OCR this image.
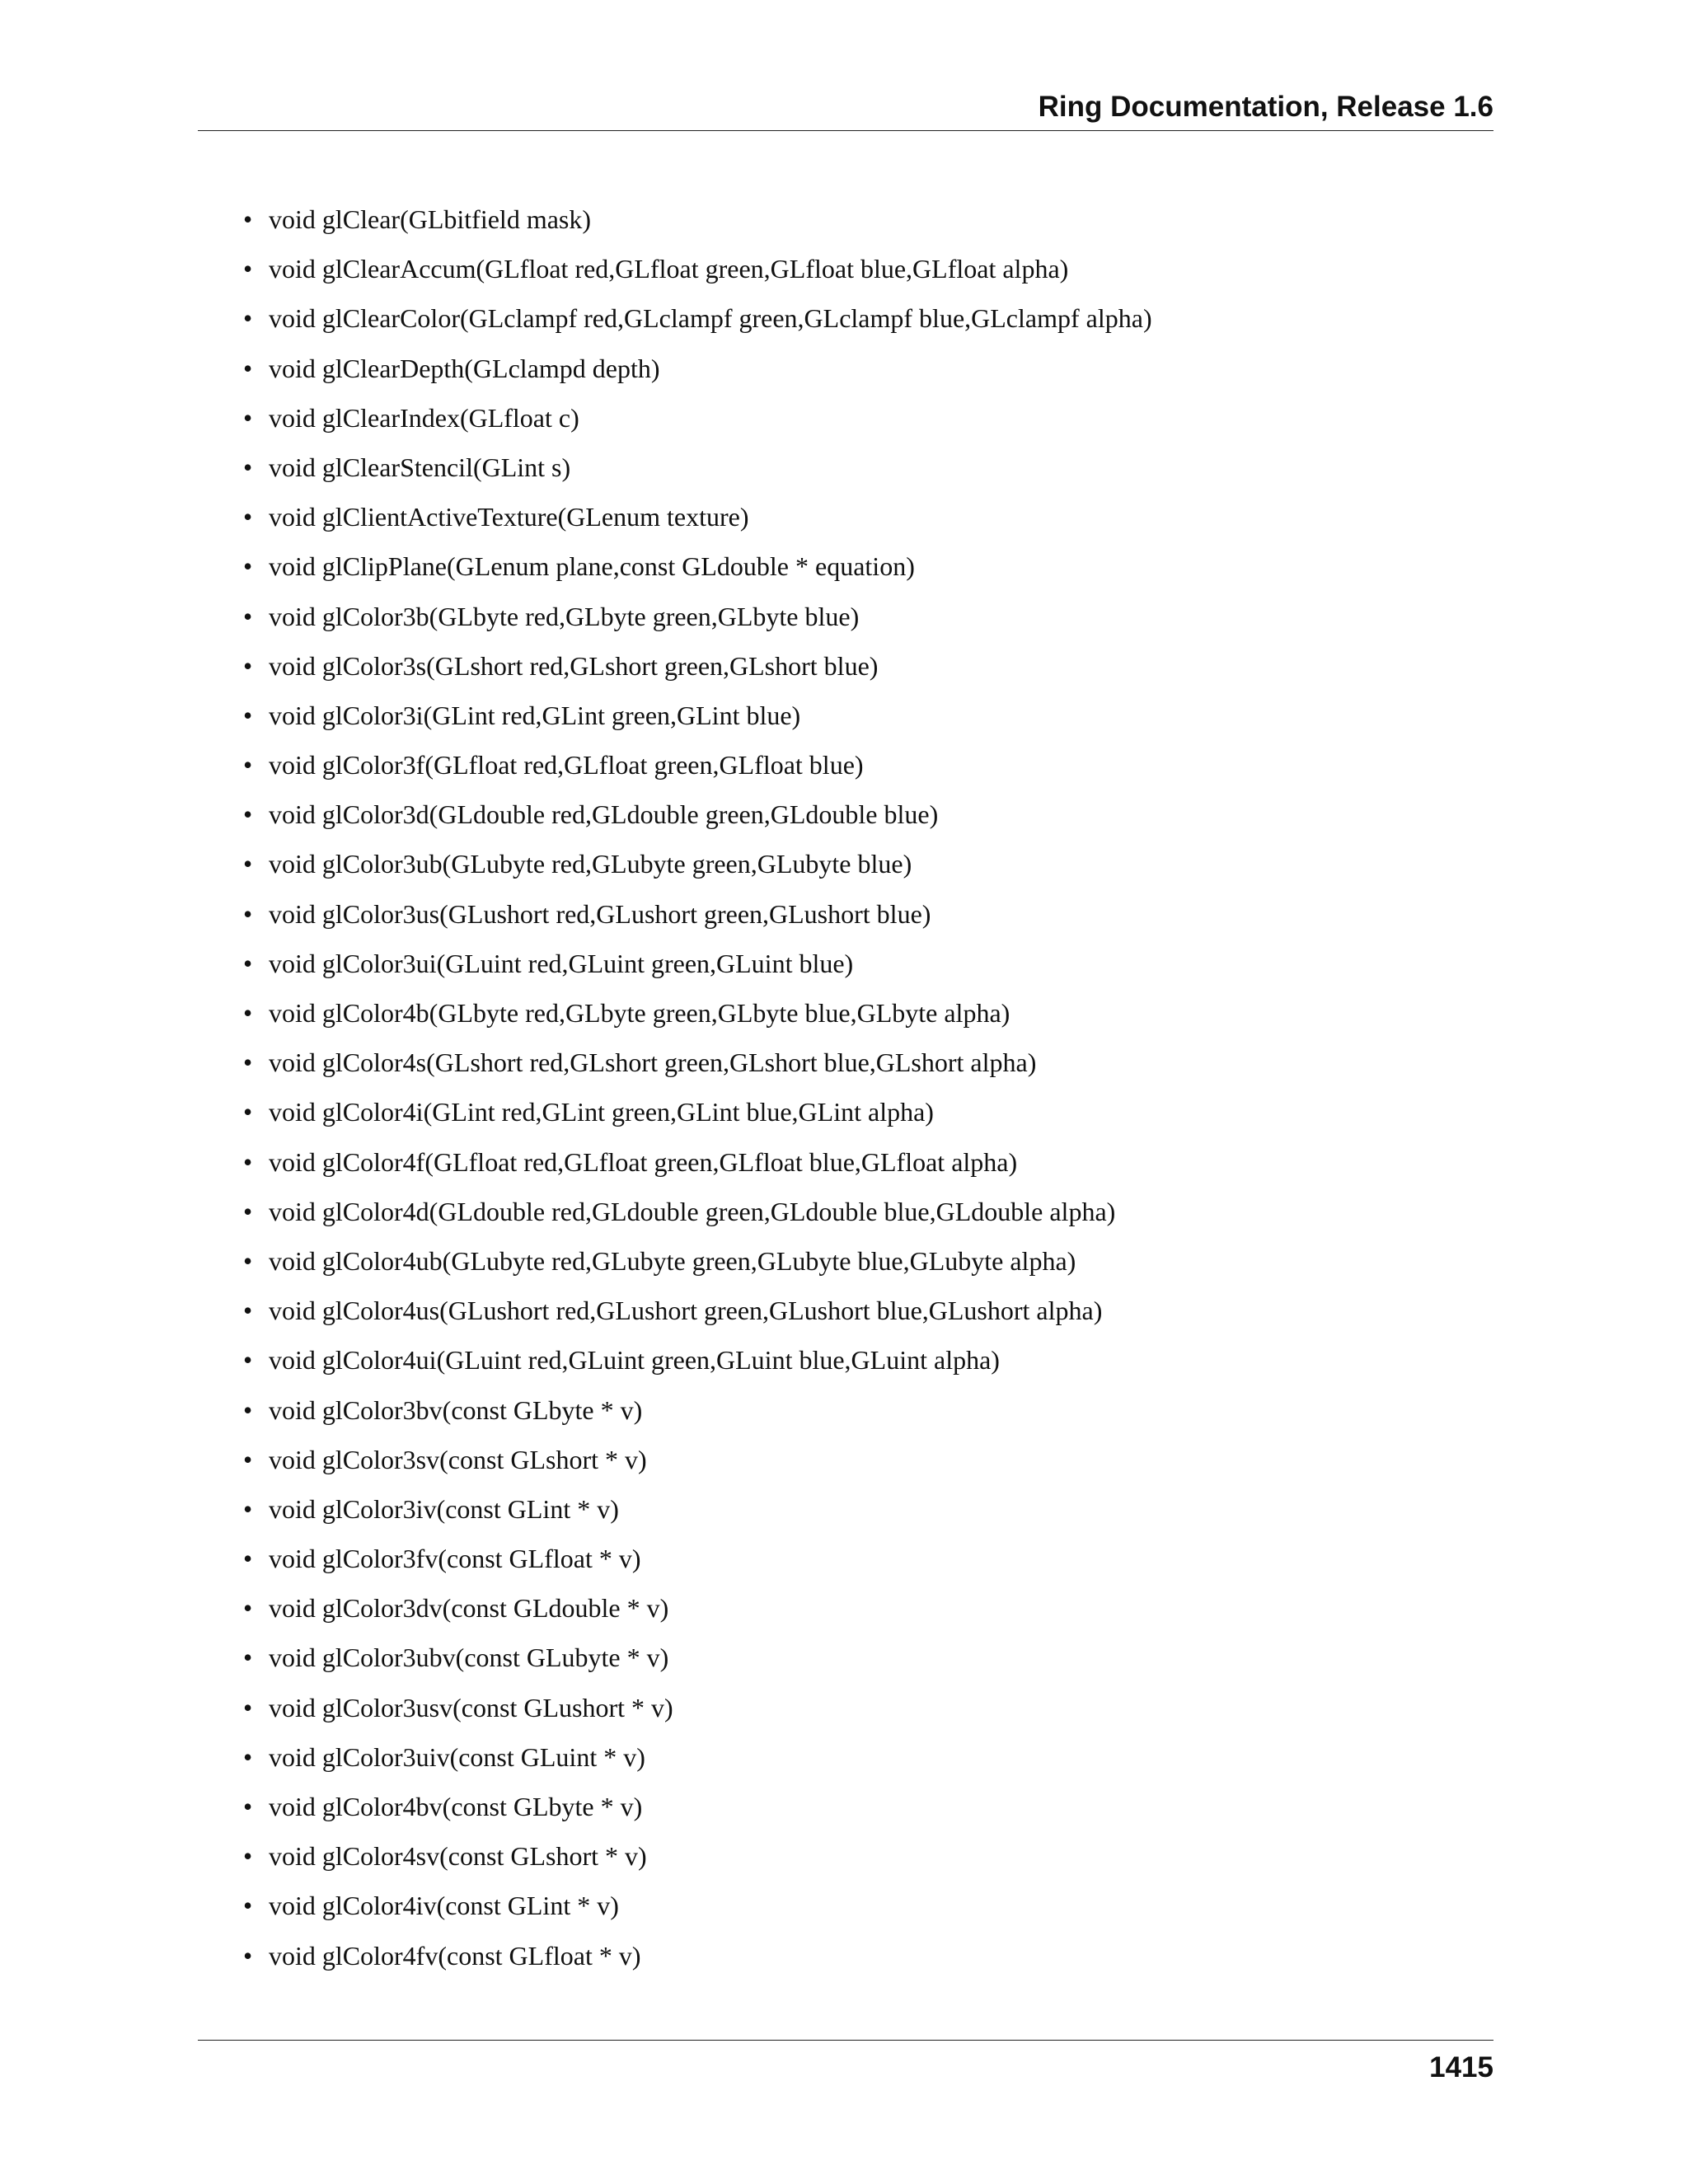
Ring Documentation, Release 1.6
• void glClear(GLbitfield mask)
• void glClearAccum(GLfloat red,GLfloat green,GLfloat blue,GLfloat alpha)
• void glClearColor(GLclampf red,GLclampf green,GLclampf blue,GLclampf alpha)
• void glClearDepth(GLclampd depth)
• void glClearIndex(GLfloat c)
• void glClearStencil(GLint s)
• void glClientActiveTexture(GLenum texture)
• void glClipPlane(GLenum plane,const GLdouble * equation)
• void glColor3b(GLbyte red,GLbyte green,GLbyte blue)
• void glColor3s(GLshort red,GLshort green,GLshort blue)
• void glColor3i(GLint red,GLint green,GLint blue)
• void glColor3f(GLfloat red,GLfloat green,GLfloat blue)
• void glColor3d(GLdouble red,GLdouble green,GLdouble blue)
• void glColor3ub(GLubyte red,GLubyte green,GLubyte blue)
• void glColor3us(GLushort red,GLushort green,GLushort blue)
• void glColor3ui(GLuint red,GLuint green,GLuint blue)
• void glColor4b(GLbyte red,GLbyte green,GLbyte blue,GLbyte alpha)
• void glColor4s(GLshort red,GLshort green,GLshort blue,GLshort alpha)
• void glColor4i(GLint red,GLint green,GLint blue,GLint alpha)
• void glColor4f(GLfloat red,GLfloat green,GLfloat blue,GLfloat alpha)
• void glColor4d(GLdouble red,GLdouble green,GLdouble blue,GLdouble alpha)
• void glColor4ub(GLubyte red,GLubyte green,GLubyte blue,GLubyte alpha)
• void glColor4us(GLushort red,GLushort green,GLushort blue,GLushort alpha)
• void glColor4ui(GLuint red,GLuint green,GLuint blue,GLuint alpha)
• void glColor3bv(const GLbyte * v)
• void glColor3sv(const GLshort * v)
• void glColor3iv(const GLint * v)
• void glColor3fv(const GLfloat * v)
• void glColor3dv(const GLdouble * v)
• void glColor3ubv(const GLubyte * v)
• void glColor3usv(const GLushort * v)
• void glColor3uiv(const GLuint * v)
• void glColor4bv(const GLbyte * v)
• void glColor4sv(const GLshort * v)
• void glColor4iv(const GLint * v)
• void glColor4fv(const GLfloat * v)
1415
